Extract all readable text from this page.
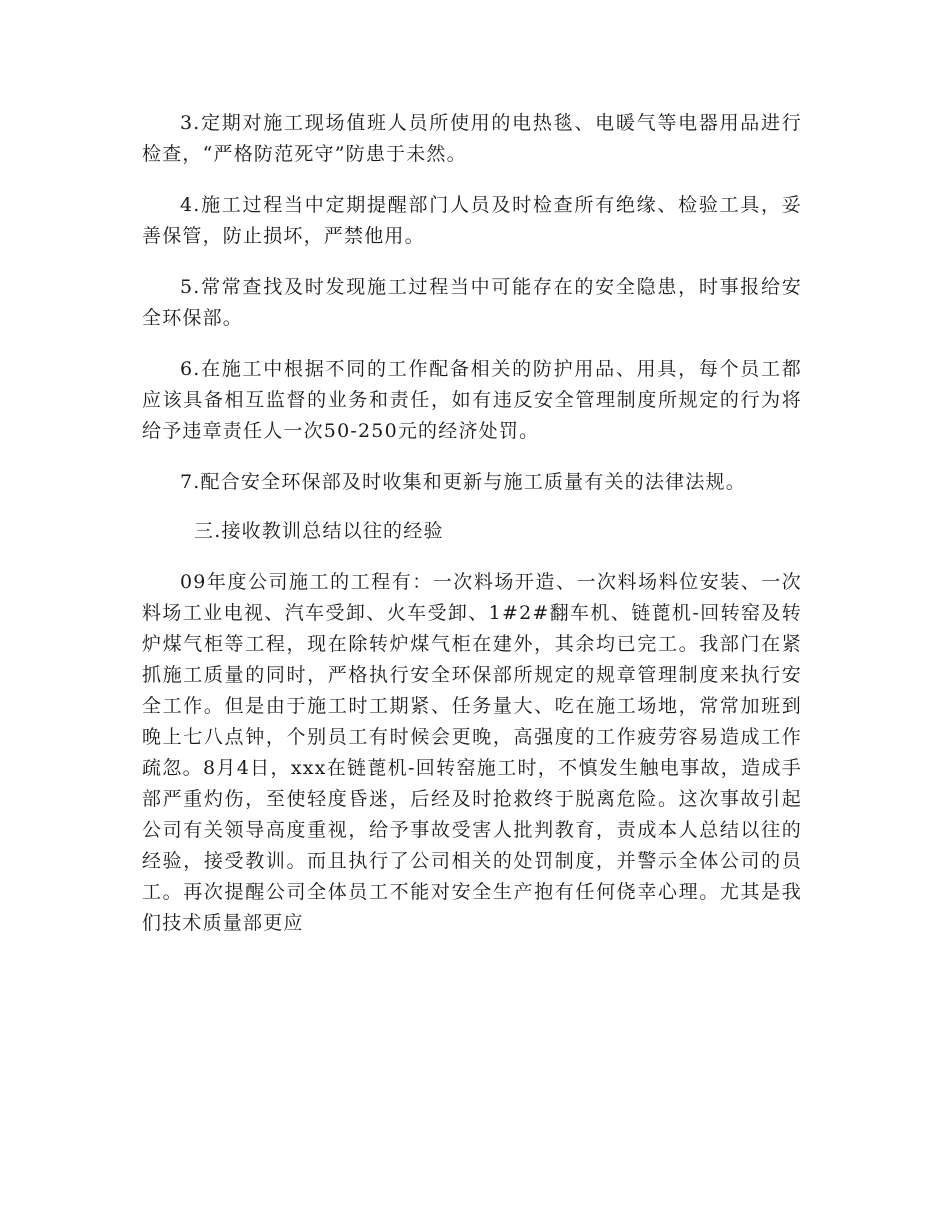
3.定期对施工现场值班人员所使用的电热毯、电暖气等电器用品进行检查，“严格防范死守”防患于未然。

4.施工过程当中定期提醒部门人员及时检查所有绝缘、检验工具，妥善保管，防止损坏，严禁他用。

5.常常查找及时发现施工过程当中可能存在的安全隐患，时事报给安全环保部。

6.在施工中根据不同的工作配备相关的防护用品、用具，每个员工都应该具备相互监督的业务和责任，如有违反安全管理制度所规定的行为将给予违章责任人一次50-250元的经济处罚。

7.配合安全环保部及时收集和更新与施工质量有关的法律法规。

三.接收教训总结以往的经验

09年度公司施工的工程有：一次料场开造、一次料场料位安装、一次料场工业电视、汽车受卸、火车受卸、1#2#翻车机、链蓖机-回转窑及转炉煤气柜等工程，现在除转炉煤气柜在建外，其余均已完工。我部门在紧抓施工质量的同时，严格执行安全环保部所规定的规章管理制度来执行安全工作。但是由于施工时工期紧、任务量大、吃在施工场地，常常加班到晚上七八点钟，个别员工有时候会更晚，高强度的工作疲劳容易造成工作疏忽。8月4日，xxx在链蓖机-回转窑施工时，不慎发生触电事故，造成手部严重灼伤，至使轻度昏迷，后经及时抢救终于脱离危险。这次事故引起公司有关领导高度重视，给予事故受害人批判教育，责成本人总结以往的经验，接受教训。而且执行了公司相关的处罚制度，并警示全体公司的员工。再次提醒公司全体员工不能对安全生产抱有任何侥幸心理。尤其是我们技术质量部更应
